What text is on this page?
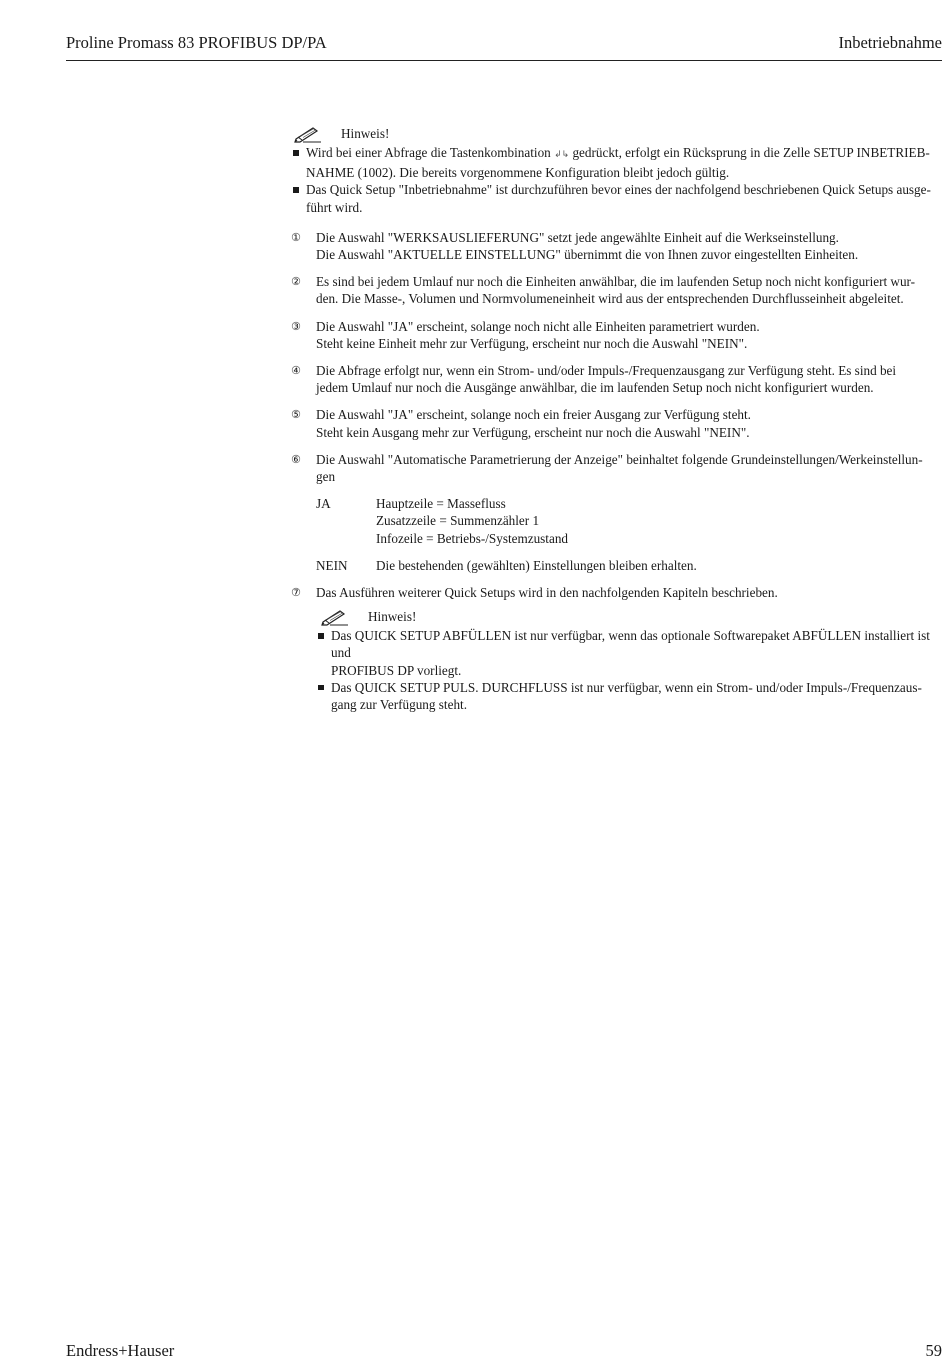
Proline Promass 83 PROFIBUS DP/PA	Inbetriebnahme
Hinweis!
Wird bei einer Abfrage die Tastenkombination ↲↳ gedrückt, erfolgt ein Rücksprung in die Zelle SETUP INBETRIEB-
NAHME (1002). Die bereits vorgenommene Konfiguration bleibt jedoch gültig.
Das Quick Setup "Inbetriebnahme" ist durchzuführen bevor eines der nachfolgend beschriebenen Quick Setups ausge-
führt wird.
① Die Auswahl "WERKSAUSLIEFERUNG" setzt jede angewählte Einheit auf die Werkseinstellung.
Die Auswahl "AKTUELLE EINSTELLUNG" übernimmt die von Ihnen zuvor eingestellten Einheiten.
② Es sind bei jedem Umlauf nur noch die Einheiten anwählbar, die im laufenden Setup noch nicht konfiguriert wur-
den. Die Masse-, Volumen und Normvolumeneinheit wird aus der entsprechenden Durchflusseinheit abgeleitet.
③ Die Auswahl "JA" erscheint, solange noch nicht alle Einheiten parametriert wurden.
Steht keine Einheit mehr zur Verfügung, erscheint nur noch die Auswahl "NEIN".
④ Die Abfrage erfolgt nur, wenn ein Strom- und/oder Impuls-/Frequenzausgang zur Verfügung steht. Es sind bei
jedem Umlauf nur noch die Ausgänge anwählbar, die im laufenden Setup noch nicht konfiguriert wurden.
⑤ Die Auswahl "JA" erscheint, solange noch ein freier Ausgang zur Verfügung steht.
Steht kein Ausgang mehr zur Verfügung, erscheint nur noch die Auswahl "NEIN".
⑥ Die Auswahl "Automatische Parametrierung der Anzeige" beinhaltet folgende Grundeinstellungen/Werkeinstellun-
gen
JA	Hauptzeile = Massefluss
Zusatzzeile = Summenzähler 1
Infozeile = Betriebs-/Systemzustand
NEIN	Die bestehenden (gewählten) Einstellungen bleiben erhalten.
⑦ Das Ausführen weiterer Quick Setups wird in den nachfolgenden Kapiteln beschrieben.
Hinweis!
Das QUICK SETUP ABFÜLLEN ist nur verfügbar, wenn das optionale Softwarepaket ABFÜLLEN installiert ist und
PROFIBUS DP vorliegt.
Das QUICK SETUP PULS. DURCHFLUSS ist nur verfügbar, wenn ein Strom- und/oder Impuls-/Frequenzaus-
gang zur Verfügung steht.
Endress+Hauser	59
